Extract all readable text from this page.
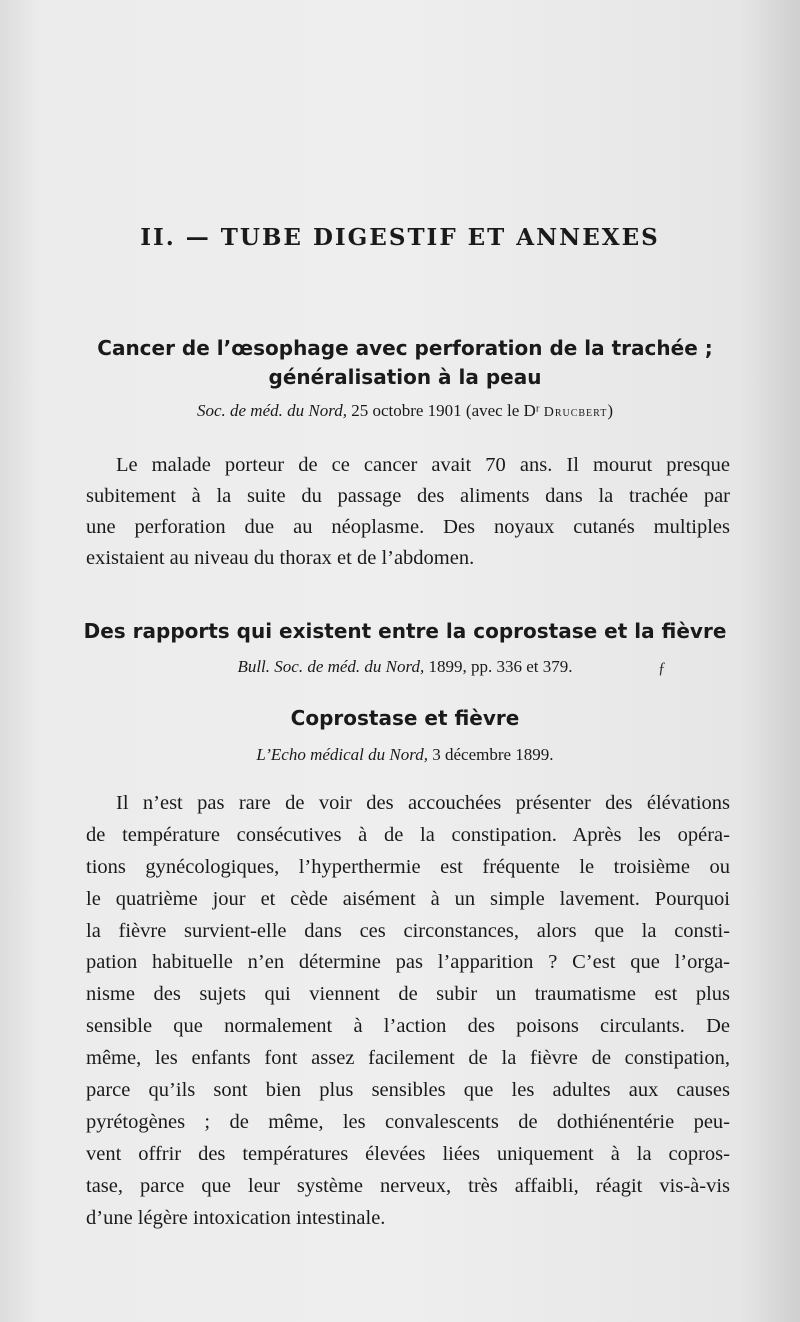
II. — TUBE DIGESTIF ET ANNEXES
Cancer de l’œsophage avec perforation de la trachée ;
généralisation à la peau
Soc. de méd. du Nord, 25 octobre 1901 (avec le Dʳ Drucbert)
Le malade porteur de ce cancer avait 70 ans. Il mourut presque
subitement à la suite du passage des aliments dans la trachée par
une perforation due au néoplasme. Des noyaux cutanés multiples
existaient au niveau du thorax et de l’abdomen.
Des rapports qui existent entre la coprostase et la fièvre
Bull. Soc. de méd. du Nord, 1899, pp. 336 et 379.	ƒ
Coprostase et fièvre
L’Echo médical du Nord, 3 décembre 1899.
Il n’est pas rare de voir des accouchées présenter des élévations
de température consécutives à de la constipation. Après les opéra-
tions gynécologiques, l’hyperthermie est fréquente le troisième ou
le quatrième jour et cède aisément à un simple lavement. Pourquoi
la fièvre survient-elle dans ces circonstances, alors que la consti-
pation habituelle n’en détermine pas l’apparition ? C’est que l’orga-
nisme des sujets qui viennent de subir un traumatisme est plus
sensible que normalement à l’action des poisons circulants. De
même, les enfants font assez facilement de la fièvre de constipation,
parce qu’ils sont bien plus sensibles que les adultes aux causes
pyrétogènes ; de même, les convalescents de dothiénentérie peu-
vent offrir des températures élevées liées uniquement à la copros-
tase, parce que leur système nerveux, très affaibli, réagit vis-à-vis
d’une légère intoxication intestinale.
